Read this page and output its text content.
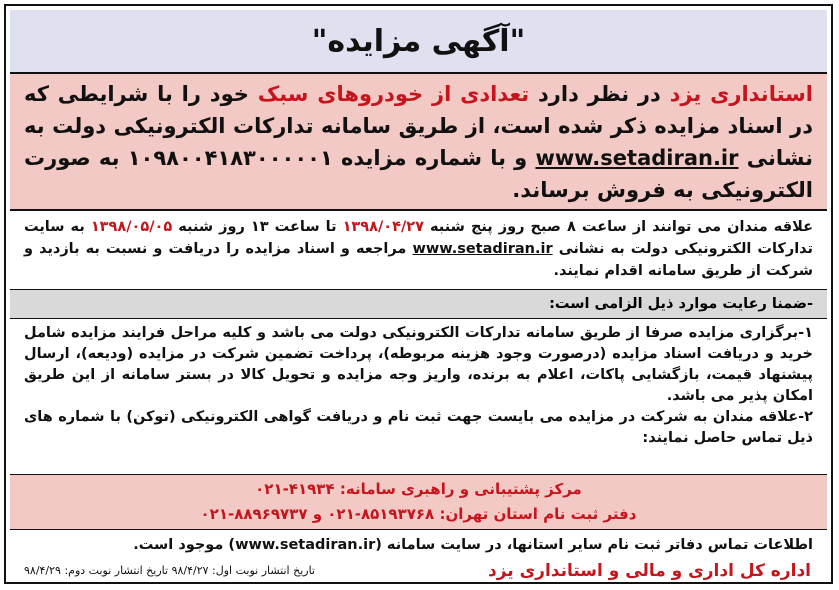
"آگهی مزایده"
استانداری یزد در نظر دارد تعدادی از خودروهای سبک خود را با شرایطی که در اسناد مزایده ذکر شده است، از طریق سامانه تدارکات الکترونیکی دولت به نشانی www.setadiran.ir و با شماره مزایده ۱۰۹۸۰۰۴۱۸۳۰۰۰۰۰۱ به صورت الکترونیکی به فروش برساند.
علاقه مندان می توانند از ساعت ۸ صبح روز پنج شنبه ۱۳۹۸/۰۴/۲۷ تا ساعت ۱۳ روز شنبه ۱۳۹۸/۰۵/۰۵ به سایت تدارکات الکترونیکی دولت به نشانی www.setadiran.ir مراجعه و اسناد مزایده را دریافت و نسبت به بازدید و شرکت از طریق سامانه اقدام نمایند.
-ضمنا رعایت موارد ذیل الزامی است:
۱-برگزاری مزایده صرفا از طریق سامانه تدارکات الکترونیکی دولت می باشد و کلیه مراحل فرایند مزایده شامل خرید و دریافت اسناد مزایده (درصورت وجود هزینه مربوطه)، پرداخت تضمین شرکت در مزایده (ودیعه)، ارسال پیشنهاد قیمت، بازگشایی پاکات، اعلام به برنده، واریز وجه مزایده و تحویل کالا در بستر سامانه از این طریق امکان پذیر می باشد.
۲-علاقه مندان به شرکت در مزایده می بایست جهت ثبت نام و دریافت گواهی الکترونیکی (توکن) با شماره های ذیل تماس حاصل نمایند:
مرکز پشتیبانی و راهبری سامانه: ۴۱۹۳۴-۰۲۱
دفتر ثبت نام استان تهران: ۸۵۱۹۳۷۶۸-۰۲۱ و ۸۸۹۶۹۷۳۷-۰۲۱
اطلاعات تماس دفاتر ثبت نام سایر استانها، در سایت سامانه (www.setadiran.ir) موجود است.
اداره کل اداری و مالی و استانداری یزد
تاریخ انتشار نوبت اول: ۹۸/۴/۲۷ تاریخ انتشار نوبت دوم: ۹۸/۴/۲۹
